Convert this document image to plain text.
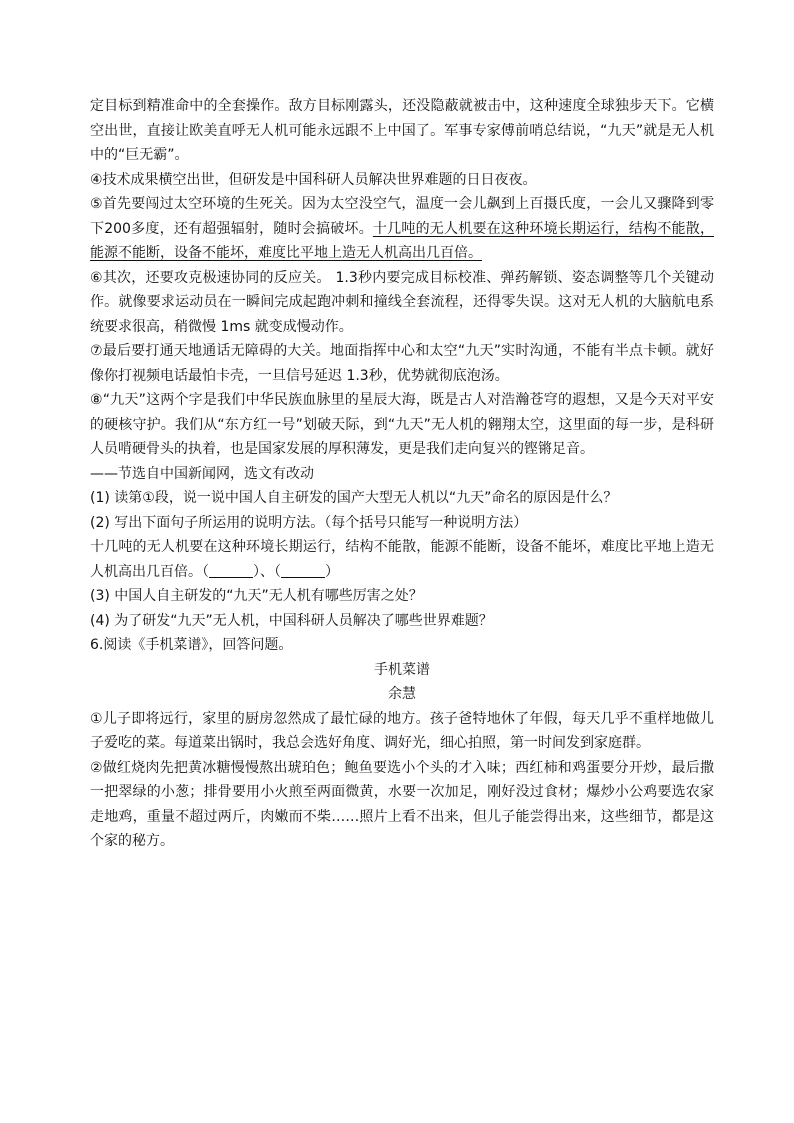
定目标到精准命中的全套操作。敌方目标刚露头，还没隐蔽就被击中，这种速度全球独步天下。它横空出世，直接让欧美直呼无人机可能永远跟不上中国了。军事专家傅前哨总结说，“九天”就是无人机中的“巨无霸”。

④技术成果横空出世，但研发是中国科研人员解决世界难题的日日夜夜。

⑤首先要闯过太空环境的生死关。因为太空没空气，温度一会儿飙到上百摄氏度，一会儿又骤降到零下200多度，还有超强辐射，随时会搞破坏。十几吨的无人机要在这种环境长期运行，结构不能散，能源不能断，设备不能坏，难度比平地上造无人机高出几百倍。

⑥其次，还要攻克极速协同的反应关。 1.3秒内要完成目标校准、弹药解锁、姿态调整等几个关键动作。就像要求运动员在一瞬间完成起跑冲刺和撞线全套流程，还得零失误。这对无人机的大脑航电系统要求很高，稍微慢 1ms 就变成慢动作。

⑦最后要打通天地通话无障碍的大关。地面指挥中心和太空“九天”实时沟通，不能有半点卡顿。就好像你打视频电话最怕卡壳，一旦信号延迟 1.3秒，优势就彻底泡汤。

⑧“九天”这两个字是我们中华民族血脉里的星辰大海，既是古人对浩瀚苍穹的遐想，又是今天对平安的硬核守护。我们从“东方红一号”划破天际，到“九天”无人机的翱翔太空，这里面的每一步，是科研人员啃硬骨头的执着，也是国家发展的厚积薄发，更是我们走向复兴的铿锵足音。

——节选自中国新闻网，选文有改动

(1) 读第①段，说一说中国人自主研发的国产大型无人机以“九天”命名的原因是什么？

(2) 写出下面句子所运用的说明方法。（每个括号只能写一种说明方法）

十几吨的无人机要在这种环境长期运行，结构不能散，能源不能断，设备不能坏，难度比平地上造无人机高出几百倍。（	）、（	）

(3) 中国人自主研发的“九天”无人机有哪些厉害之处？

(4) 为了研发“九天”无人机，中国科研人员解决了哪些世界难题？

6.阅读《手机菜谱》，回答问题。

手机菜谱

余慧

①儿子即将远行，家里的厨房忽然成了最忙碌的地方。孩子爸特地休了年假，每天几乎不重样地做儿子爱吃的菜。每道菜出锅时，我总会选好角度、调好光，细心拍照，第一时间发到家庭群。

②做红烧肉先把黄冰糖慢慢熬出琥珀色；鲍鱼要选小个头的才入味；西红柿和鸡蛋要分开炒，最后撒一把翠绿的小葱；排骨要用小火煎至两面微黄，水要一次加足，刚好没过食材；爆炒小公鸡要选农家走地鸡，重量不超过两斤，肉嫩而不柴……照片上看不出来，但儿子能尝得出来，这些细节，都是这个家的秘方。
